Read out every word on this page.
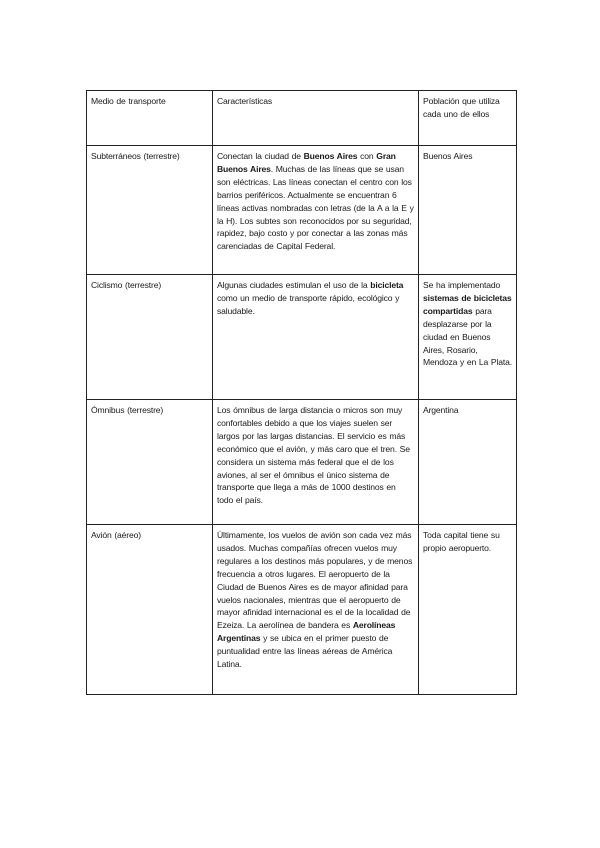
Medio de transporte	Características	Población que utiliza cada uno de ellos
Subterráneos (terrestre)	Conectan la ciudad de Buenos Aires con Gran Buenos Aires. Muchas de las líneas que se usan son eléctricas. Las líneas conectan el centro con los barrios periféricos. Actualmente se encuentran 6 líneas activas nombradas con letras (de la A a la E y la H). Los subtes son reconocidos por su seguridad, rapidez, bajo costo y por conectar a las zonas más carenciadas de Capital Federal.	Buenos Aires
Ciclismo (terrestre)	Algunas ciudades estimulan el uso de la bicicleta como un medio de transporte rápido, ecológico y saludable.	Se ha implementado sistemas de bicicletas compartidas para desplazarse por la ciudad en Buenos Aires, Rosario, Mendoza y en La Plata.
Ómnibus (terrestre)	Los ómnibus de larga distancia o micros son muy confortables debido a que los viajes suelen ser largos por las largas distancias. El servicio es más económico que el avión, y más caro que el tren. Se considera un sistema más federal que el de los aviones, al ser el ómnibus el único sistema de transporte que llega a más de 1000 destinos en todo el país.	Argentina
Avión (aéreo)	Últimamente, los vuelos de avión son cada vez más usados. Muchas compañías ofrecen vuelos muy regulares a los destinos más populares, y de menos frecuencia a otros lugares. El aeropuerto de la Ciudad de Buenos Aires es de mayor afinidad para vuelos nacionales, mientras que el aeropuerto de mayor afinidad internacional es el de la localidad de Ezeiza. La aerolínea de bandera es Aerolíneas Argentinas y se ubica en el primer puesto de puntualidad entre las líneas aéreas de América Latina.	Toda capital tiene su propio aeropuerto.
